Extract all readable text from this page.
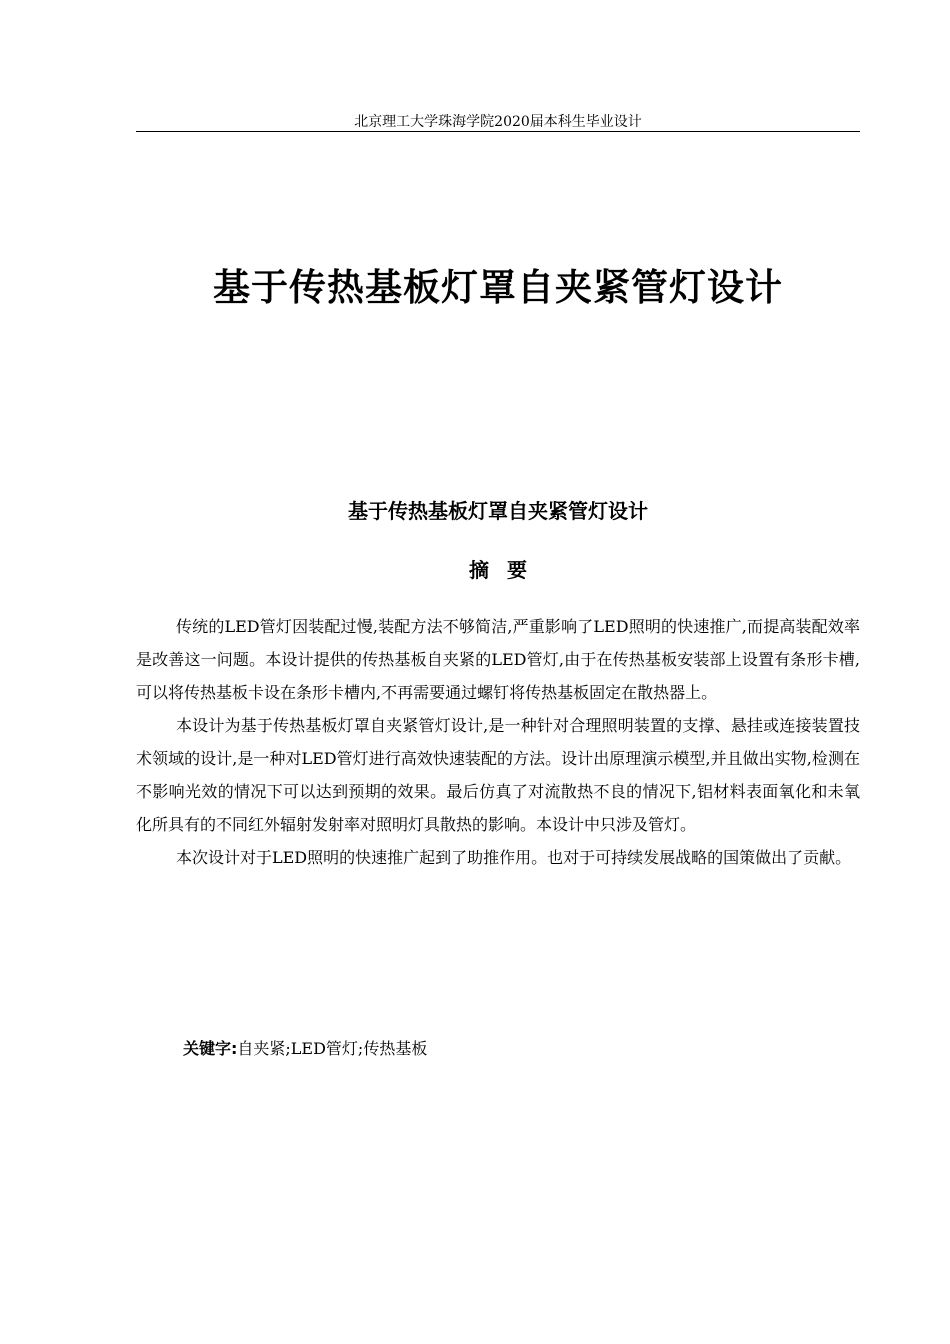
北京理工大学珠海学院2020届本科生毕业设计
基于传热基板灯罩自夹紧管灯设计
基于传热基板灯罩自夹紧管灯设计
摘要

传统的LED管灯因装配过慢,装配方法不够简洁,严重影响了LED照明的快速推广,而提高装配效率是改善这一问题。本设计提供的传热基板自夹紧的LED管灯,由于在传热基板安装部上设置有条形卡槽,可以将传热基板卡设在条形卡槽内,不再需要通过螺钉将传热基板固定在散热器上。

本设计为基于传热基板灯罩自夹紧管灯设计,是一种针对合理照明装置的支撑、悬挂或连接装置技术领域的设计,是一种对LED管灯进行高效快速装配的方法。设计出原理演示模型,并且做出实物,检测在不影响光效的情况下可以达到预期的效果。最后仿真了对流散热不良的情况下,铝材料表面氧化和未氧化所具有的不同红外辐射发射率对照明灯具散热的影响。本设计中只涉及管灯。

本次设计对于LED照明的快速推广起到了助推作用。也对于可持续发展战略的国策做出了贡献。

关键字:自夹紧;LED管灯;传热基板
